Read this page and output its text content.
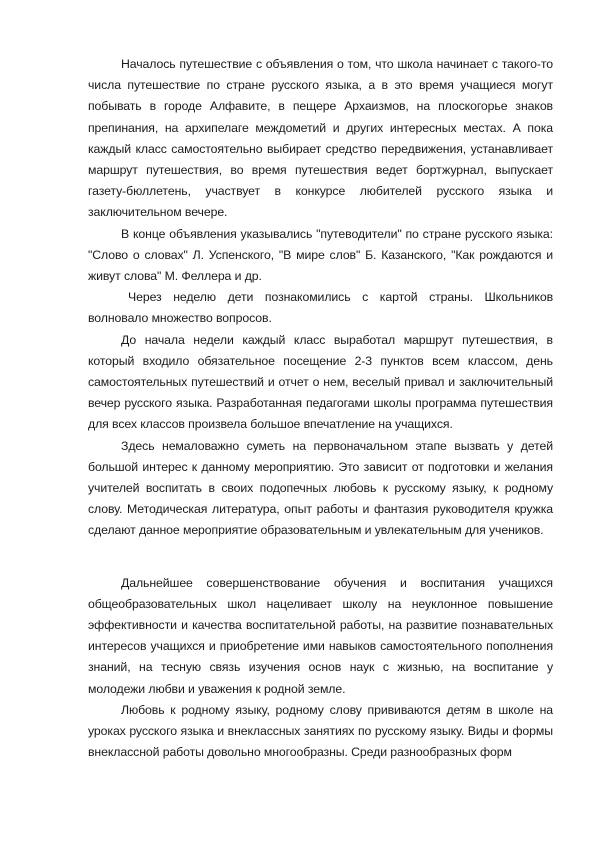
Началось путешествие с объявления о том, что школа начинает с такого-то числа путешествие по стране русского языка, а в это время учащиеся могут побывать в городе Алфавите, в пещере Архаизмов, на плоскогорье знаков препинания, на архипелаге междометий и других интересных местах. А пока каждый класс самостоятельно выбирает средство передвижения, устанавливает маршрут путешествия, во время путешествия ведет бортжурнал, выпускает газету-бюллетень, участвует в конкурсе любителей русского языка и заключительном вечере.

В конце объявления указывались "путеводители" по стране русского языка: "Слово о словах" Л. Успенского, "В мире слов" Б. Казанского, "Как рождаются и живут слова" М. Феллера и др.

Через неделю дети познакомились с картой страны. Школьников волновало множество вопросов.

До начала недели каждый класс выработал маршрут путешествия, в который входило обязательное посещение 2-3 пунктов всем классом, день самостоятельных путешествий и отчет о нем, веселый привал и заключительный вечер русского языка. Разработанная педагогами школы программа путешествия для всех классов произвела большое впечатление на учащихся.

Здесь немаловажно суметь на первоначальном этапе вызвать у детей большой интерес к данному мероприятию. Это зависит от подготовки и желания учителей воспитать в своих подопечных любовь к русскому языку, к родному слову. Методическая литература, опыт работы и фантазия руководителя кружка сделают данное мероприятие образовательным и увлекательным для учеников.

Дальнейшее совершенствование обучения и воспитания учащихся общеобразовательных школ нацеливает школу на неуклонное повышение эффективности и качества воспитательной работы, на развитие познавательных интересов учащихся и приобретение ими навыков самостоятельного пополнения знаний, на тесную связь изучения основ наук с жизнью, на воспитание у молодежи любви и уважения к родной земле.

Любовь к родному языку, родному слову прививаются детям в школе на уроках русского языка и внеклассных занятиях по русскому языку. Виды и формы внеклассной работы довольно многообразны. Среди разнообразных форм
